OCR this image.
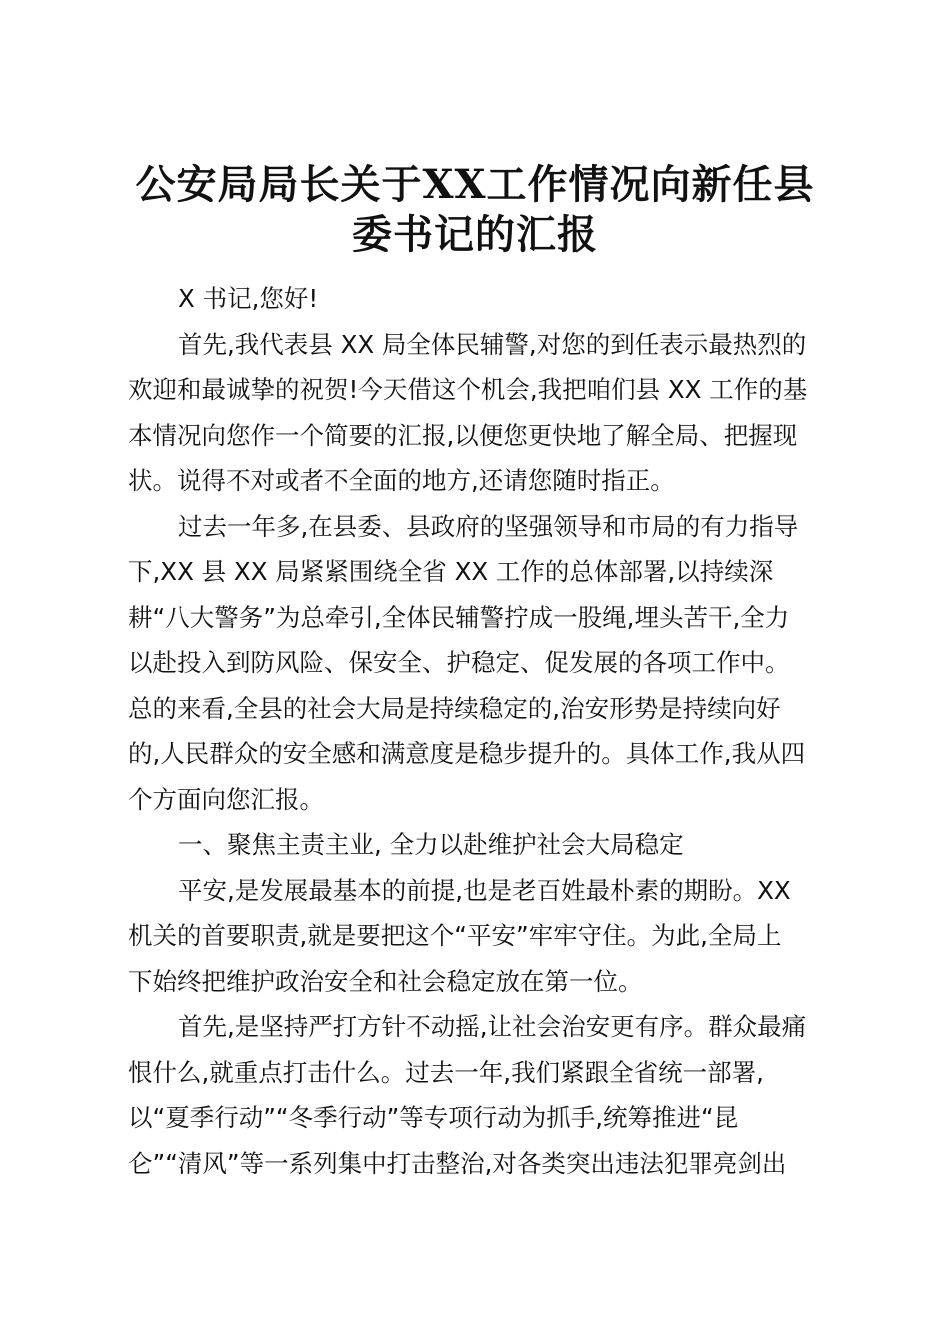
公安局局长关于XX工作情况向新任县
委书记的汇报

X 书记,您好!

首先,我代表县 XX 局全体民辅警,对您的到任表示最热烈的
欢迎和最诚挚的祝贺!今天借这个机会,我把咱们县 XX 工作的基
本情况向您作一个简要的汇报,以便您更快地了解全局、把握现
状。说得不对或者不全面的地方,还请您随时指正。

过去一年多,在县委、县政府的坚强领导和市局的有力指导
下,XX 县 XX 局紧紧围绕全省 XX 工作的总体部署,以持续深
耕“八大警务”为总牵引,全体民辅警拧成一股绳,埋头苦干,全力
以赴投入到防风险、保安全、护稳定、促发展的各项工作中。
总的来看,全县的社会大局是持续稳定的,治安形势是持续向好
的,人民群众的安全感和满意度是稳步提升的。具体工作,我从四
个方面向您汇报。

一、聚焦主责主业, 全力以赴维护社会大局稳定

平安,是发展最基本的前提,也是老百姓最朴素的期盼。XX
机关的首要职责,就是要把这个“平安”牢牢守住。为此,全局上
下始终把维护政治安全和社会稳定放在第一位。

首先,是坚持严打方针不动摇,让社会治安更有序。群众最痛
恨什么,就重点打击什么。过去一年,我们紧跟全省统一部署,
以“夏季行动”“冬季行动”等专项行动为抓手,统筹推进“昆
仑”“清风”等一系列集中打击整治,对各类突出违法犯罪亮剑出
